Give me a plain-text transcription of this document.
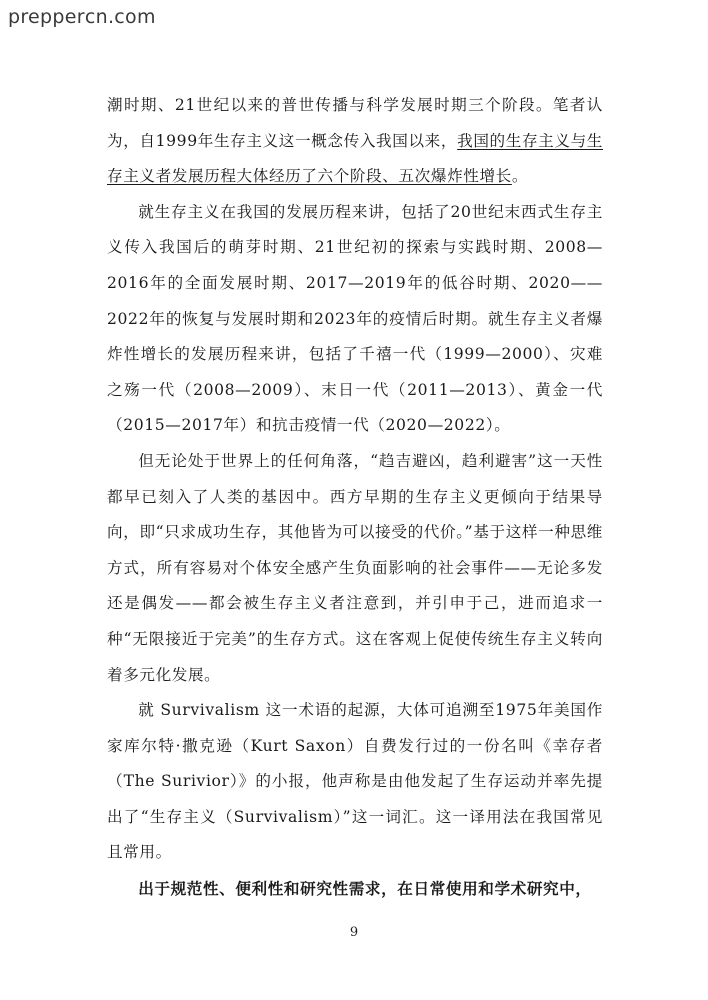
prepperсn.com

潮时期、21世纪以来的普世传播与科学发展时期三个阶段。笔者认为，自1999年生存主义这一概念传入我国以来，我国的生存主义与生存主义者发展历程大体经历了六个阶段、五次爆炸性增长。

就生存主义在我国的发展历程来讲，包括了20世纪末西式生存主义传入我国后的萌芽时期、21世纪初的探索与实践时期、2008—2016年的全面发展时期、2017—2019年的低谷时期、2020——2022年的恢复与发展时期和2023年的疫情后时期。就生存主义者爆炸性增长的发展历程来讲，包括了千禧一代（1999—2000）、灾难之殇一代（2008—2009）、末日一代（2011—2013）、黄金一代（2015—2017年）和抗击疫情一代（2020—2022）。

但无论处于世界上的任何角落，“趋吉避凶，趋利避害”这一天性都早已刻入了人类的基因中。西方早期的生存主义更倾向于结果导向，即“只求成功生存，其他皆为可以接受的代价。”基于这样一种思维方式，所有容易对个体安全感产生负面影响的社会事件——无论多发还是偶发——都会被生存主义者注意到，并引申于己，进而追求一种“无限接近于完美”的生存方式。这在客观上促使传统生存主义转向着多元化发展。

就 Survivalism 这一术语的起源，大体可追溯至1975年美国作家库尔特·撒克逊（Kurt Saxon）自费发行过的一份名叫《幸存者（The Surivior）》的小报，他声称是由他发起了生存运动并率先提出了“生存主义（Survivalism）”这一词汇。这一译用法在我国常见且常用。

出于规范性、便利性和研究性需求，在日常使用和学术研究中，

9
